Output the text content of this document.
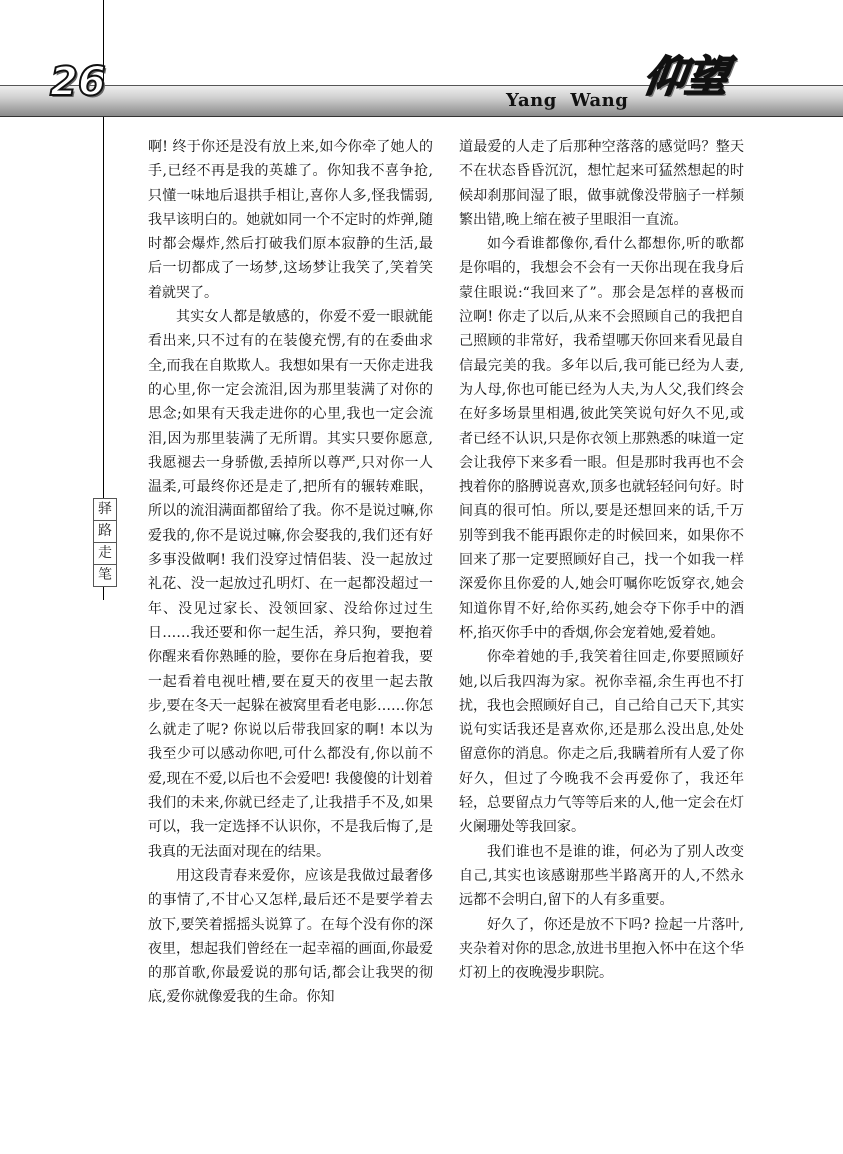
26	Yang  Wang 仰望
驿
路
走
笔

啊! 终于你还是没有放上来,如今你牵了她人的手,已经不再是我的英雄了。你知我不喜争抢,只懂一味地后退拱手相让,喜你人多,怪我懦弱,我早该明白的。她就如同一个不定时的炸弹,随时都会爆炸,然后打破我们原本寂静的生活,最后一切都成了一场梦,这场梦让我笑了,笑着笑着就哭了。

其实女人都是敏感的，你爱不爱一眼就能看出来,只不过有的在装傻充愣,有的在委曲求全,而我在自欺欺人。我想如果有一天你走进我的心里,你一定会流泪,因为那里装满了对你的思念;如果有天我走进你的心里,我也一定会流泪,因为那里装满了无所谓。其实只要你愿意,我愿褪去一身骄傲,丢掉所以尊严,只对你一人温柔,可最终你还是走了,把所有的辗转难眠，所以的流泪满面都留给了我。你不是说过嘛,你爱我的,你不是说过嘛,你会娶我的,我们还有好多事没做啊! 我们没穿过情侣装、没一起放过礼花、没一起放过孔明灯、在一起都没超过一年、没见过家长、没领回家、没给你过过生日……我还要和你一起生活，养只狗，要抱着你醒来看你熟睡的脸，要你在身后抱着我，要一起看着电视吐槽,要在夏天的夜里一起去散步,要在冬天一起躲在被窝里看老电影……你怎么就走了呢? 你说以后带我回家的啊! 本以为我至少可以感动你吧,可什么都没有,你以前不爱,现在不爱,以后也不会爱吧! 我傻傻的计划着我们的未来,你就已经走了,让我措手不及,如果可以，我一定选择不认识你，不是我后悔了,是我真的无法面对现在的结果。

用这段青春来爱你，应该是我做过最奢侈的事情了,不甘心又怎样,最后还不是要学着去放下,要笑着摇摇头说算了。在每个没有你的深夜里，想起我们曾经在一起幸福的画面,你最爱的那首歌,你最爱说的那句话,都会让我哭的彻底,爱你就像爱我的生命。你知

道最爱的人走了后那种空落落的感觉吗？整天不在状态昏昏沉沉，想忙起来可猛然想起的时候却刹那间湿了眼，做事就像没带脑子一样频繁出错,晚上缩在被子里眼泪一直流。

如今看谁都像你,看什么都想你,听的歌都是你唱的，我想会不会有一天你出现在我身后蒙住眼说:“我回来了”。那会是怎样的喜极而泣啊! 你走了以后,从来不会照顾自己的我把自己照顾的非常好，我希望哪天你回来看见最自信最完美的我。多年以后,我可能已经为人妻,为人母,你也可能已经为人夫,为人父,我们终会在好多场景里相遇,彼此笑笑说句好久不见,或者已经不认识,只是你衣领上那熟悉的味道一定会让我停下来多看一眼。但是那时我再也不会拽着你的胳膊说喜欢,顶多也就轻轻问句好。时间真的很可怕。所以,要是还想回来的话,千万别等到我不能再跟你走的时候回来，如果你不回来了那一定要照顾好自己，找一个如我一样深爱你且你爱的人,她会叮嘱你吃饭穿衣,她会知道你胃不好,给你买药,她会夺下你手中的酒杯,掐灭你手中的香烟,你会宠着她,爱着她。

你牵着她的手,我笑着往回走,你要照顾好她,以后我四海为家。祝你幸福,余生再也不打扰，我也会照顾好自己，自己给自己天下,其实说句实话我还是喜欢你,还是那么没出息,处处留意你的消息。你走之后,我瞒着所有人爱了你好久，但过了今晚我不会再爱你了，我还年轻，总要留点力气等等后来的人,他一定会在灯火阑珊处等我回家。

我们谁也不是谁的谁，何必为了别人改变自己,其实也该感谢那些半路离开的人,不然永远都不会明白,留下的人有多重要。

好久了，你还是放不下吗? 捡起一片落叶,夹杂着对你的思念,放进书里抱入怀中在这个华灯初上的夜晚漫步职院。
